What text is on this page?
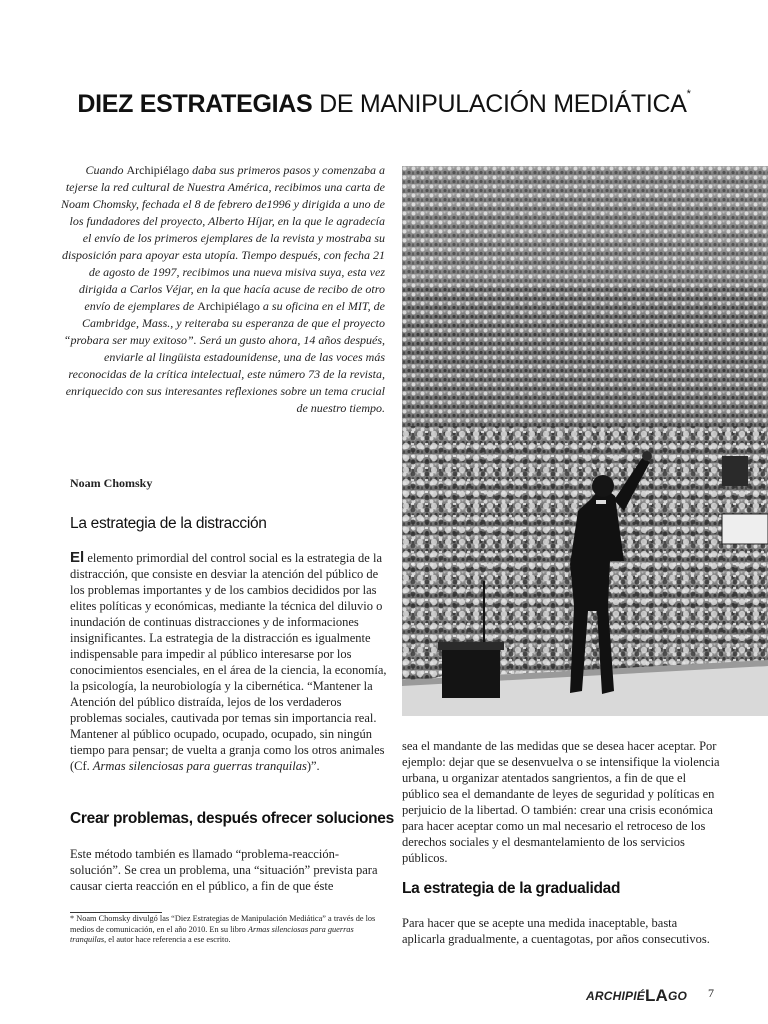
DIEZ ESTRATEGIAS DE MANIPULACIÓN MEDIÁTICA*
Cuando Archipiélago daba sus primeros pasos y comenzaba a tejerse la red cultural de Nuestra América, recibimos una carta de Noam Chomsky, fechada el 8 de febrero de1996 y dirigida a uno de los fundadores del proyecto, Alberto Híjar, en la que le agradecía el envío de los primeros ejemplares de la revista y mostraba su disposición para apoyar esta utopía. Tiempo después, con fecha 21 de agosto de 1997, recibimos una nueva misiva suya, esta vez dirigida a Carlos Véjar, en la que hacía acuse de recibo de otro envío de ejemplares de Archipiélago a su oficina en el MIT, de Cambridge, Mass., y reiteraba su esperanza de que el proyecto “probara ser muy exitoso”. Será un gusto ahora, 14 años después, enviarle al lingüista estadounidense, una de las voces más reconocidas de la crítica intelectual, este número 73 de la revista, enriquecido con sus interesantes reflexiones sobre un tema crucial de nuestro tiempo.
Noam Chomsky
La estrategia de la distracción
El elemento primordial del control social es la estrategia de la distracción, que consiste en desviar la atención del público de los problemas importantes y de los cambios decididos por las elites políticas y económicas, mediante la técnica del diluvio o inundación de continuas distracciones y de informaciones insignificantes. La estrategia de la distracción es igualmente indispensable para impedir al público interesarse por los conocimientos esenciales, en el área de la ciencia, la economía, la psicología, la neurobiología y la cibernética. “Mantener la Atención del público distraída, lejos de los verdaderos problemas sociales, cautivada por temas sin importancia real. Mantener al público ocupado, ocupado, ocupado, sin ningún tiempo para pensar; de vuelta a granja como los otros animales (Cf. Armas silenciosas para guerras tranquilas)”.
Crear problemas, después ofrecer soluciones
Este método también es llamado “problema-reacción-solución”. Se crea un problema, una “situación” prevista para causar cierta reacción en el público, a fin de que éste
* Noam Chomsky divulgó las “Diez Estrategias de Manipulación Mediática” a través de los medios de comunicación, en el año 2010. En su libro Armas silenciosas para guerras tranquilas, el autor hace referencia a ese escrito.
sea el mandante de las medidas que se desea hacer aceptar. Por ejemplo: dejar que se desenvuelva o se intensifique la violencia urbana, u organizar atentados sangrientos, a fin de que el público sea el demandante de leyes de seguridad y políticas en perjuicio de la libertad. O también: crear una crisis económica para hacer aceptar como un mal necesario el retroceso de los derechos sociales y el desmantelamiento de los servicios públicos.
La estrategia de la gradualidad
Para hacer que se acepte una medida inaceptable, basta aplicarla gradualmente, a cuentagotas, por años consecutivos.
ARCHIPIÉLAGO 7
